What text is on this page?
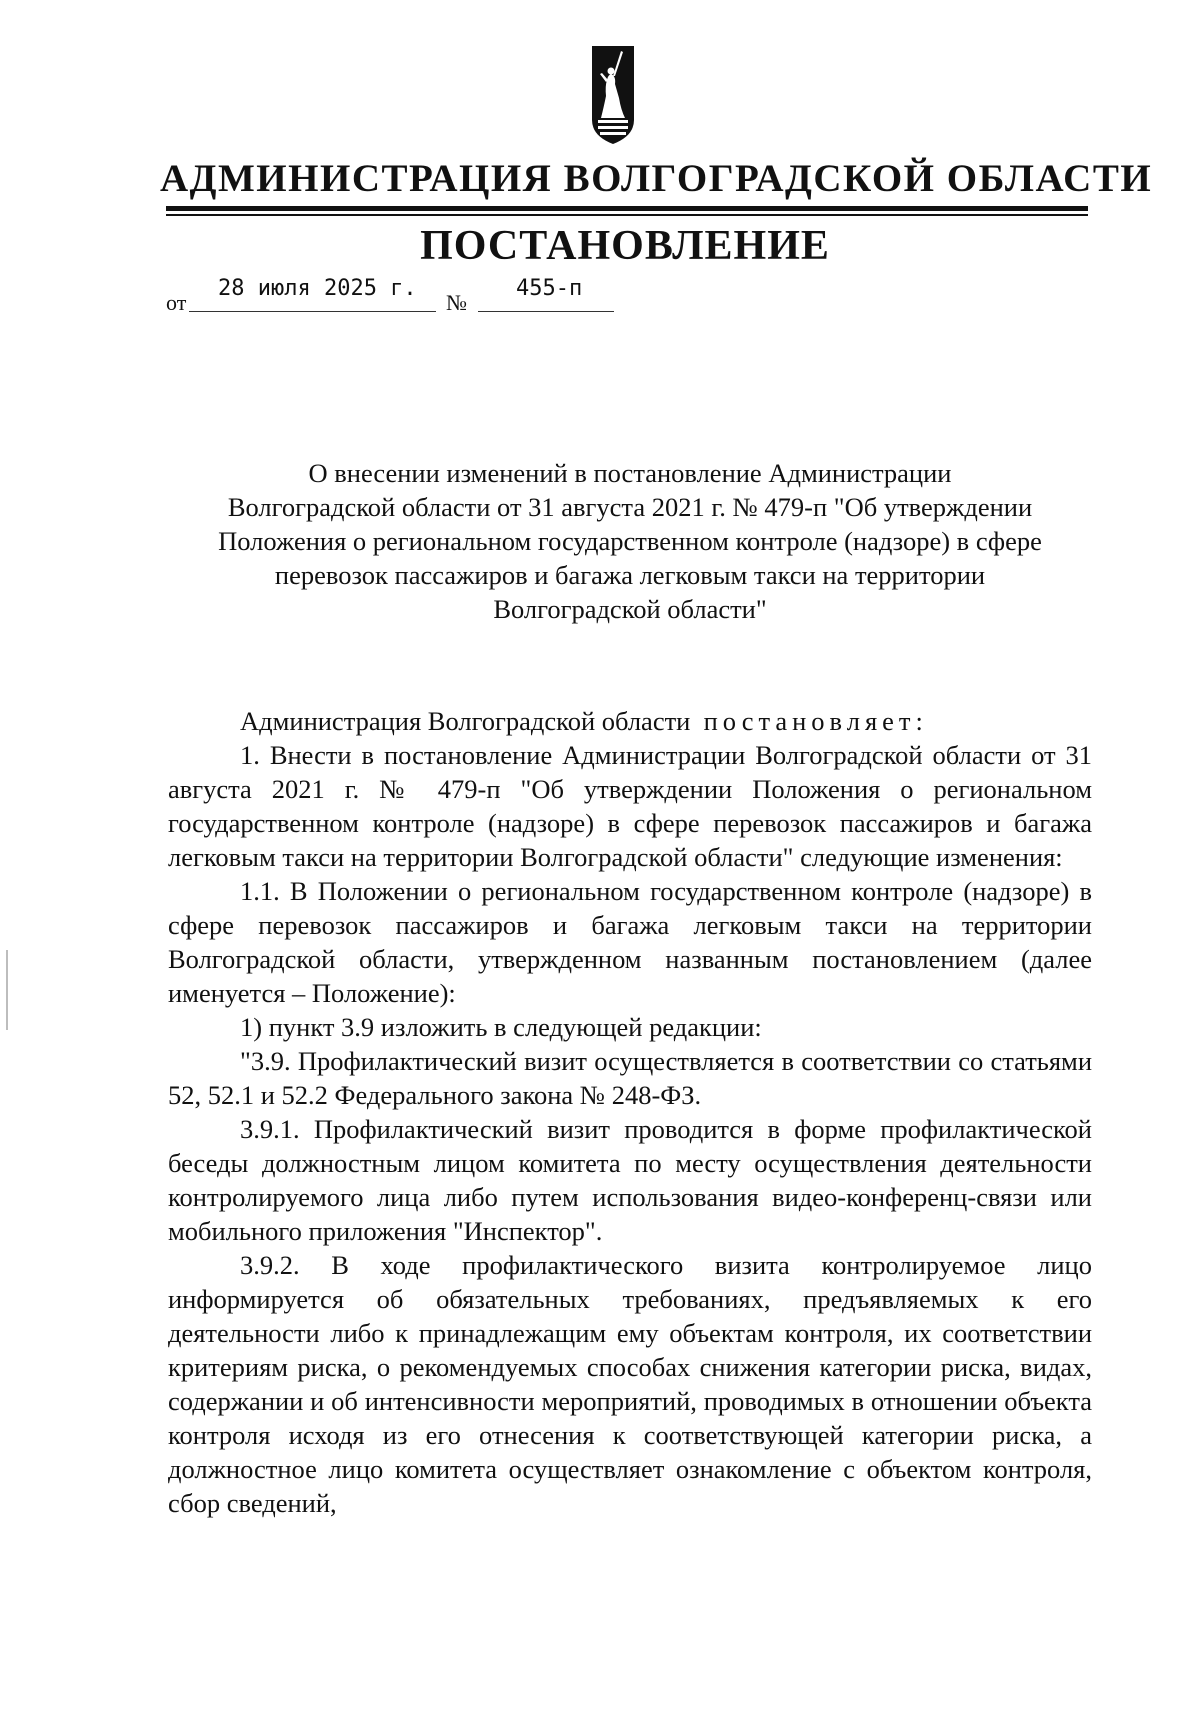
АДМИНИСТРАЦИЯ ВОЛГОГРАДСКОЙ ОБЛАСТИ
ПОСТАНОВЛЕНИЕ
от
28 июля 2025 г.
№
455-п

О внесении изменений в постановление Администрации

Волгоградской области от 31 августа 2021 г. № 479-п "Об утверждении

Положения о региональном государственном контроле (надзоре) в сфере

перевозок пассажиров и багажа легковым такси на территории

Волгоградской области"

Администрация Волгоградской области постановляет:

1. Внести в постановление Администрации Волгоградской области от 31 августа 2021 г. № 479-п "Об утверждении Положения о региональном государственном контроле (надзоре) в сфере перевозок пассажиров и багажа легковым такси на территории Волгоградской области" следующие изменения:

1.1. В Положении о региональном государственном контроле (надзоре) в сфере перевозок пассажиров и багажа легковым такси на территории Волгоградской области, утвержденном названным постановлением (далее именуется – Положение):

1) пункт 3.9 изложить в следующей редакции:

"3.9. Профилактический визит осуществляется в соответствии со статьями 52, 52.1 и 52.2 Федерального закона № 248-ФЗ.

3.9.1. Профилактический визит проводится в форме профилактической беседы должностным лицом комитета по месту осуществления деятельности контролируемого лица либо путем использования видео-конференц-связи или мобильного приложения "Инспектор".

3.9.2. В ходе профилактического визита контролируемое лицо информируется об обязательных требованиях, предъявляемых к его деятельности либо к принадлежащим ему объектам контроля, их соответствии критериям риска, о рекомендуемых способах снижения категории риска, видах, содержании и об интенсивности мероприятий, проводимых в отношении объекта контроля исходя из его отнесения к соответствующей категории риска, а должностное лицо комитета осуществляет ознакомление с объектом контроля, сбор сведений,
